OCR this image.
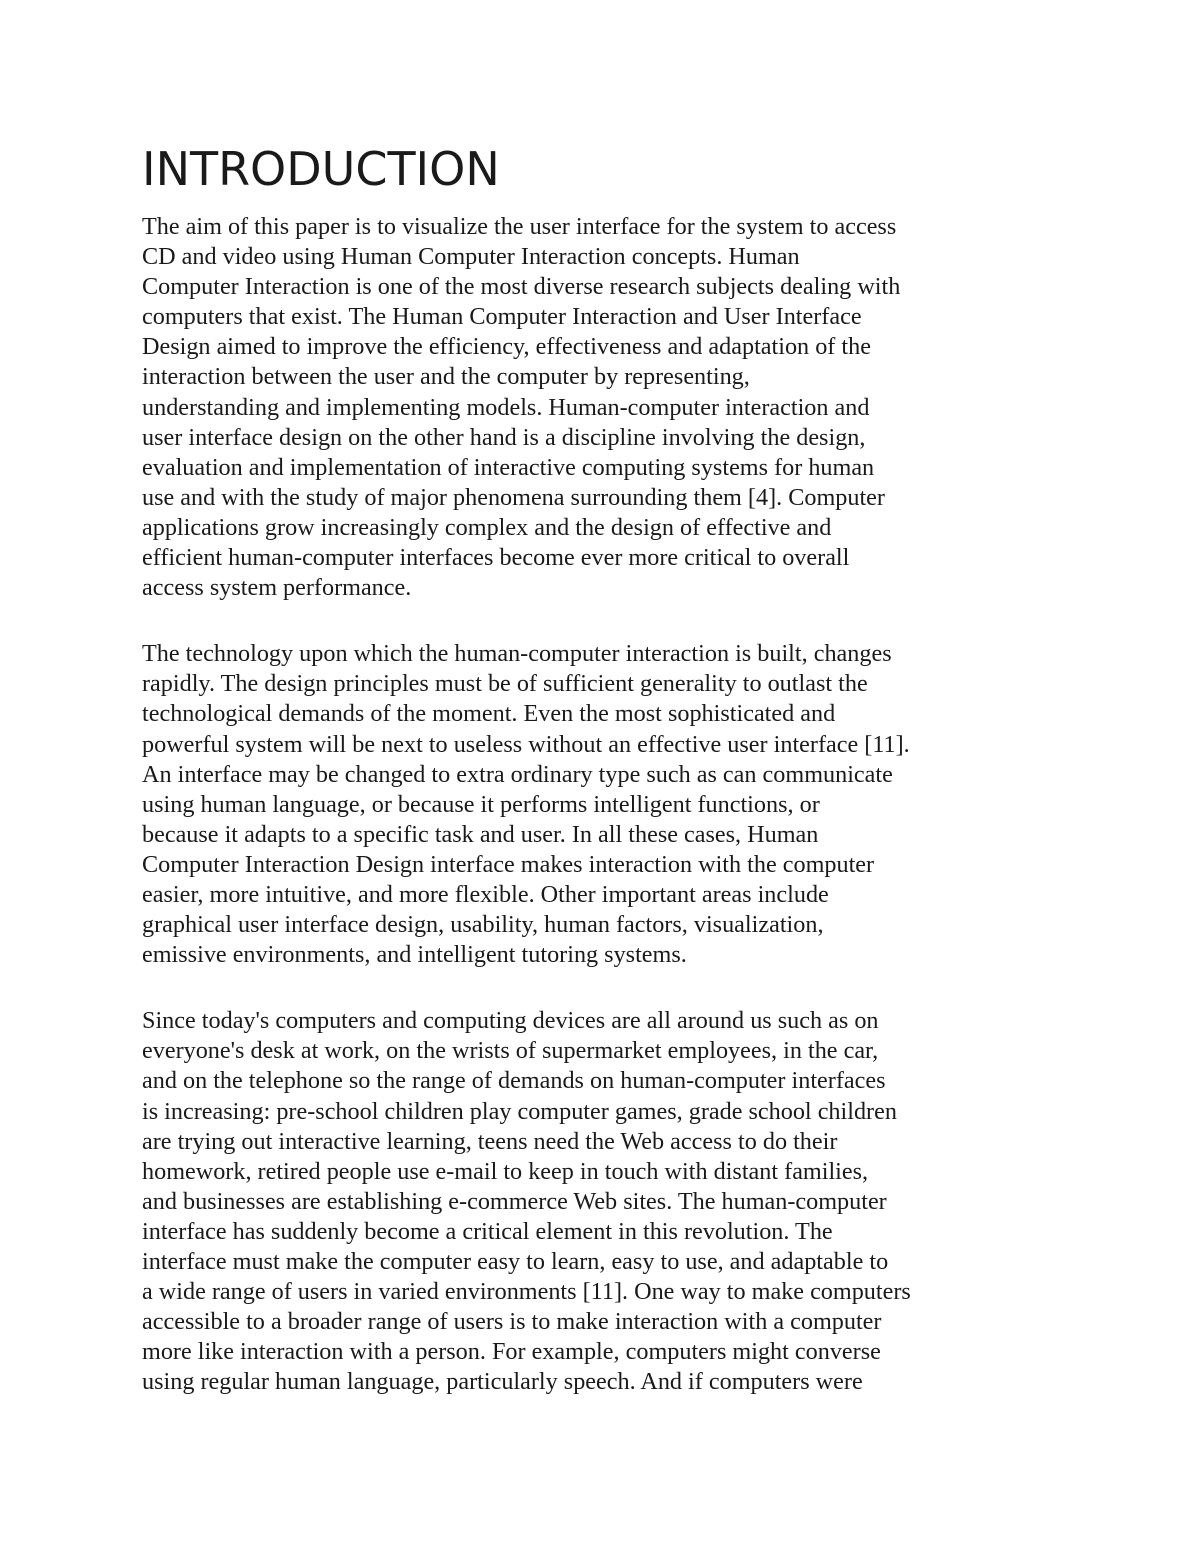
INTRODUCTION

The aim of this paper is to visualize the user interface for the system to access
CD and video using Human Computer Interaction concepts. Human
Computer Interaction is one of the most diverse research subjects dealing with
computers that exist. The Human Computer Interaction and User Interface
Design aimed to improve the efficiency, effectiveness and adaptation of the
interaction between the user and the computer by representing,
understanding and implementing models. Human-computer interaction and
user interface design on the other hand is a discipline involving the design,
evaluation and implementation of interactive computing systems for human
use and with the study of major phenomena surrounding them [4]. Computer
applications grow increasingly complex and the design of effective and
efficient human-computer interfaces become ever more critical to overall
access system performance.

The technology upon which the human-computer interaction is built, changes
rapidly. The design principles must be of sufficient generality to outlast the
technological demands of the moment. Even the most sophisticated and
powerful system will be next to useless without an effective user interface [11].
An interface may be changed to extra ordinary type such as can communicate
using human language, or because it performs intelligent functions, or
because it adapts to a specific task and user. In all these cases, Human
Computer Interaction Design interface makes interaction with the computer
easier, more intuitive, and more flexible. Other important areas include
graphical user interface design, usability, human factors, visualization,
emissive environments, and intelligent tutoring systems.

Since today's computers and computing devices are all around us such as on
everyone's desk at work, on the wrists of supermarket employees, in the car,
and on the telephone so the range of demands on human-computer interfaces
is increasing: pre-school children play computer games, grade school children
are trying out interactive learning, teens need the Web access to do their
homework, retired people use e-mail to keep in touch with distant families,
and businesses are establishing e-commerce Web sites. The human-computer
interface has suddenly become a critical element in this revolution. The
interface must make the computer easy to learn, easy to use, and adaptable to
a wide range of users in varied environments [11]. One way to make computers
accessible to a broader range of users is to make interaction with a computer
more like interaction with a person. For example, computers might converse
using regular human language, particularly speech. And if computers were
